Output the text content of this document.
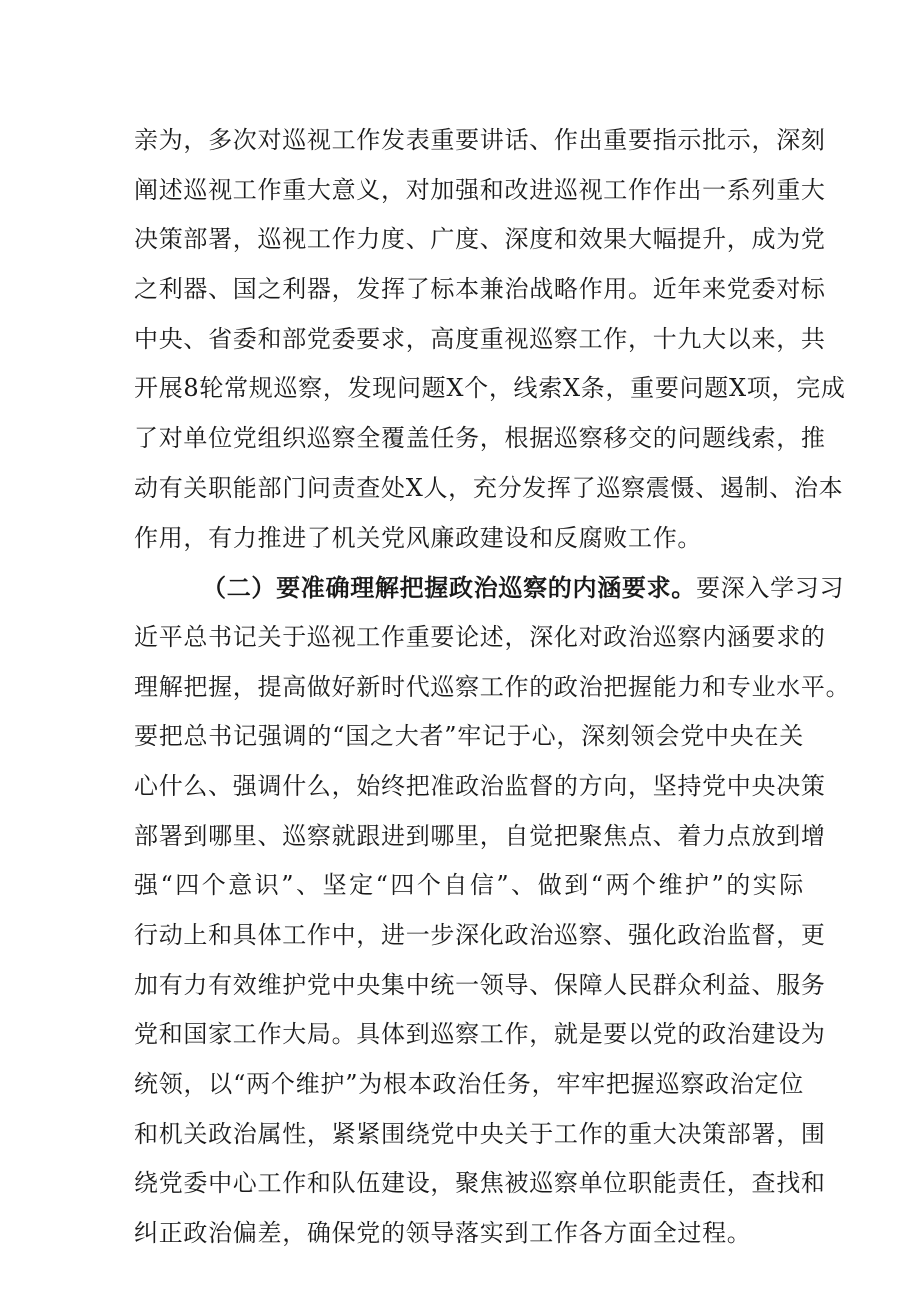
亲为，多次对巡视工作发表重要讲话、作出重要指示批示，深刻
阐述巡视工作重大意义，对加强和改进巡视工作作出一系列重大
决策部署，巡视工作力度、广度、深度和效果大幅提升，成为党
之利器、国之利器，发挥了标本兼治战略作用。近年来党委对标
中央、省委和部党委要求，高度重视巡察工作，十九大以来，共
开展8轮常规巡察，发现问题X个，线索X条，重要问题X项，完成
了对单位党组织巡察全覆盖任务，根据巡察移交的问题线索，推
动有关职能部门问责查处X人，充分发挥了巡察震慑、遏制、治本
作用，有力推进了机关党风廉政建设和反腐败工作。
（二）要准确理解把握政治巡察的内涵要求。要深入学习习
近平总书记关于巡视工作重要论述，深化对政治巡察内涵要求的
理解把握，提高做好新时代巡察工作的政治把握能力和专业水平。
要把总书记强调的“国之大者”牢记于心，深刻领会党中央在关
心什么、强调什么，始终把准政治监督的方向，坚持党中央决策
部署到哪里、巡察就跟进到哪里，自觉把聚焦点、着力点放到增
强“四个意识”、坚定“四个自信”、做到“两个维护”的实际
行动上和具体工作中，进一步深化政治巡察、强化政治监督，更
加有力有效维护党中央集中统一领导、保障人民群众利益、服务
党和国家工作大局。具体到巡察工作，就是要以党的政治建设为
统领，以“两个维护”为根本政治任务，牢牢把握巡察政治定位
和机关政治属性，紧紧围绕党中央关于工作的重大决策部署，围
绕党委中心工作和队伍建设，聚焦被巡察单位职能责任，查找和
纠正政治偏差，确保党的领导落实到工作各方面全过程。
